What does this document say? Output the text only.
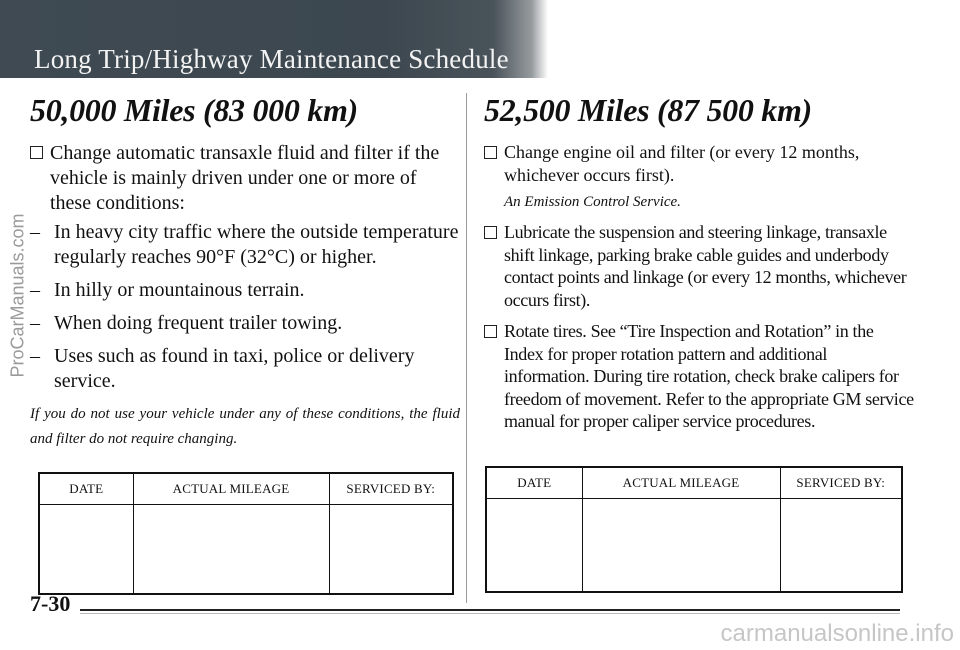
Long Trip/Highway Maintenance Schedule
ProCarManuals.com
50,000 Miles (83 000 km)
Change automatic transaxle fluid and filter if the vehicle is mainly driven under one or more of these conditions:
– In heavy city traffic where the outside temperature regularly reaches 90°F (32°C) or higher.
– In hilly or mountainous terrain.
– When doing frequent trailer towing.
– Uses such as found in taxi, police or delivery service.

If you do not use your vehicle under any of these conditions, the fluid and filter do not require changing.

DATE	ACTUAL MILEAGE	SERVICED BY:

52,500 Miles (87 500 km)
Change engine oil and filter (or every 12 months, whichever occurs first).

An Emission Control Service.

Lubricate the suspension and steering linkage, transaxle shift linkage, parking brake cable guides and underbody contact points and linkage (or every 12 months, whichever occurs first).
Rotate tires. See “Tire Inspection and Rotation” in the Index for proper rotation pattern and additional information. During tire rotation, check brake calipers for freedom of movement. Refer to the appropriate GM service manual for proper caliper service procedures.
DATE	ACTUAL MILEAGE	SERVICED BY:

7-30

carmanualsonline.info
